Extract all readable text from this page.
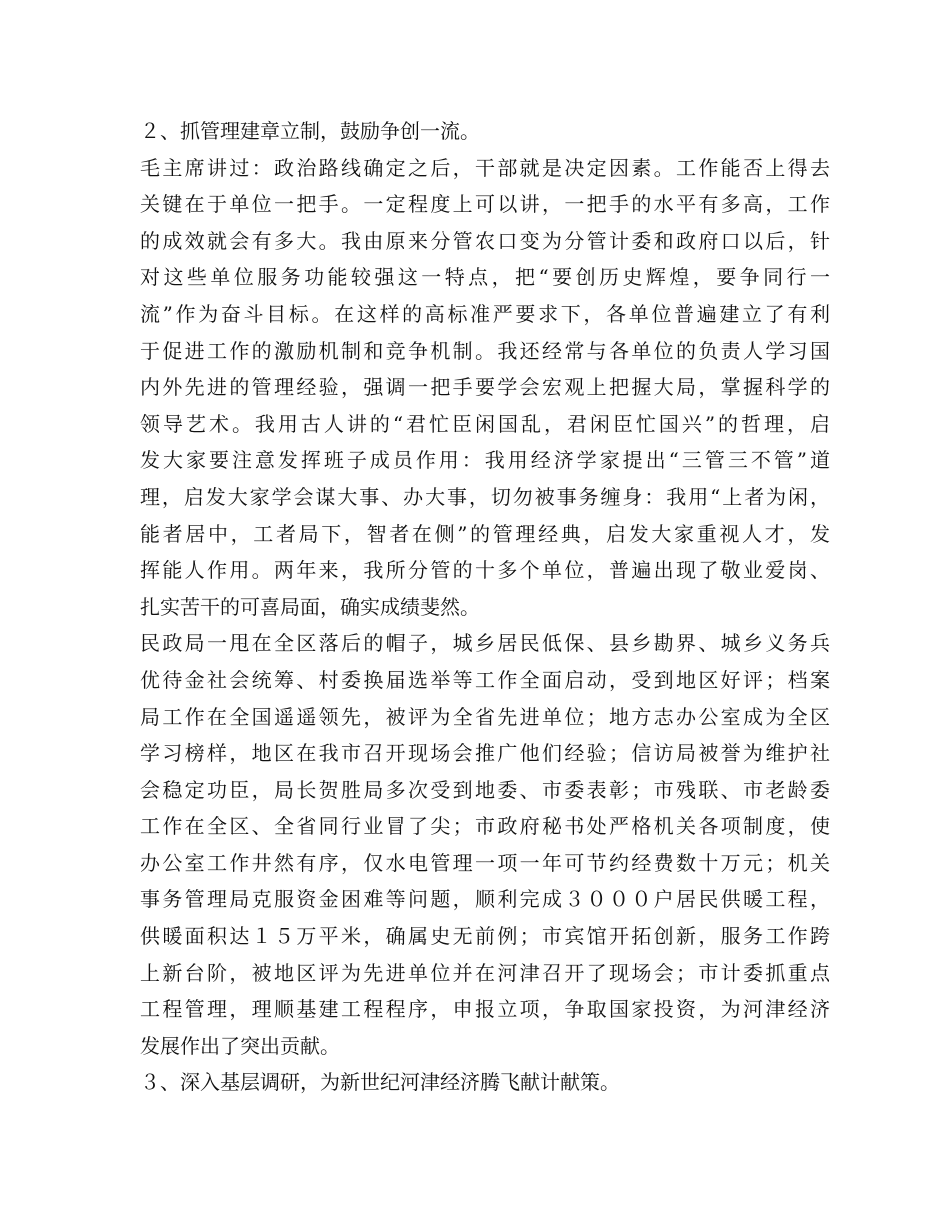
２、抓管理建章立制，鼓励争创一流。
毛主席讲过：政治路线确定之后，干部就是决定因素。工作能否上得去
关键在于单位一把手。一定程度上可以讲，一把手的水平有多高，工作
的成效就会有多大。我由原来分管农口变为分管计委和政府口以后，针
对这些单位服务功能较强这一特点，把“要创历史辉煌，要争同行一
流”作为奋斗目标。在这样的高标准严要求下，各单位普遍建立了有利
于促进工作的激励机制和竞争机制。我还经常与各单位的负责人学习国
内外先进的管理经验，强调一把手要学会宏观上把握大局，掌握科学的
领导艺术。我用古人讲的“君忙臣闲国乱，君闲臣忙国兴”的哲理，启
发大家要注意发挥班子成员作用：我用经济学家提出“三管三不管”道
理，启发大家学会谋大事、办大事，切勿被事务缠身：我用“上者为闲，
能者居中，工者局下，智者在侧”的管理经典，启发大家重视人才，发
挥能人作用。两年来，我所分管的十多个单位，普遍出现了敬业爱岗、
扎实苦干的可喜局面，确实成绩斐然。
民政局一甩在全区落后的帽子，城乡居民低保、县乡勘界、城乡义务兵
优待金社会统筹、村委换届选举等工作全面启动，受到地区好评；档案
局工作在全国遥遥领先，被评为全省先进单位；地方志办公室成为全区
学习榜样，地区在我市召开现场会推广他们经验；信访局被誉为维护社
会稳定功臣，局长贺胜局多次受到地委、市委表彰；市残联、市老龄委
工作在全区、全省同行业冒了尖；市政府秘书处严格机关各项制度，使
办公室工作井然有序，仅水电管理一项一年可节约经费数十万元；机关
事务管理局克服资金困难等问题，顺利完成３０００户居民供暖工程，
供暖面积达１５万平米，确属史无前例；市宾馆开拓创新，服务工作跨
上新台阶，被地区评为先进单位并在河津召开了现场会；市计委抓重点
工程管理，理顺基建工程程序，申报立项，争取国家投资，为河津经济
发展作出了突出贡献。
３、深入基层调研，为新世纪河津经济腾飞献计献策。
